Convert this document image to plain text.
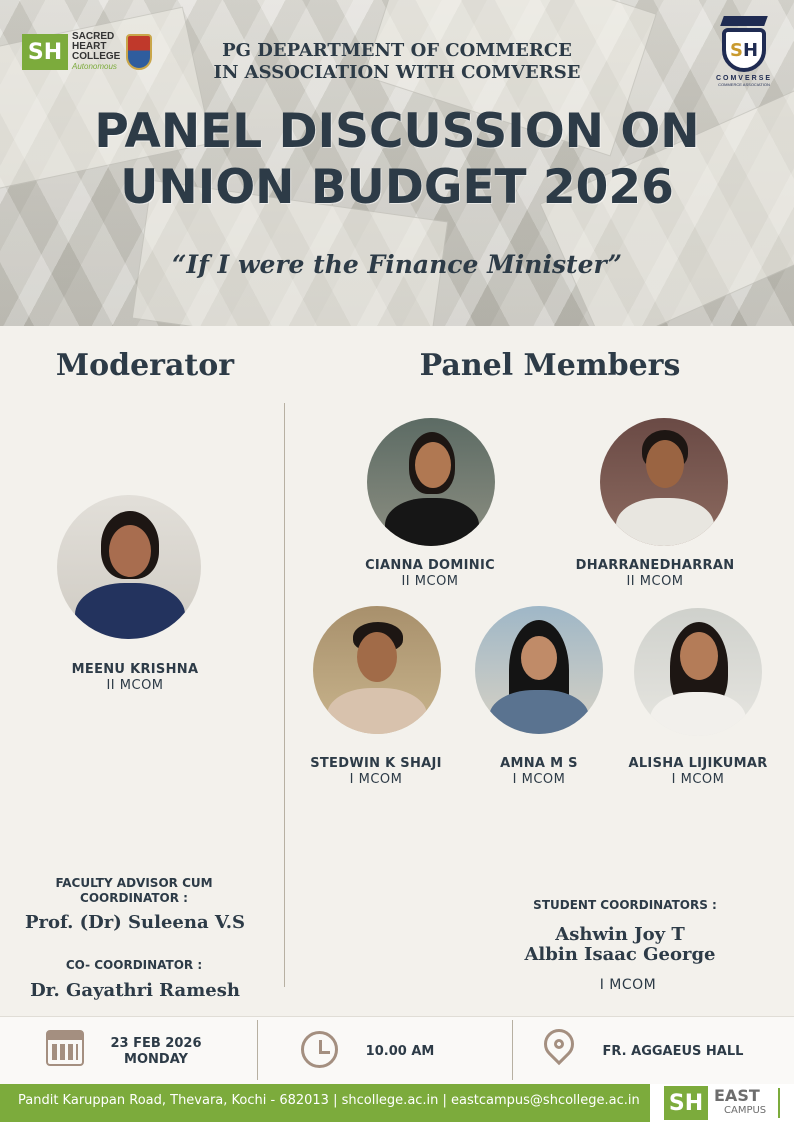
SH
SACRED
HEART
COLLEGE
Autonomous
S H
COMVERSE
COMMERCE ASSOCIATION
PG DEPARTMENT OF COMMERCE
IN ASSOCIATION WITH COMVERSE
PANEL DISCUSSION ON
UNION BUDGET 2026
“If I were the Finance Minister”
Moderator	Panel Members
MEENU KRISHNA
II MCOM
CIANNA DOMINIC
II MCOM
DHARRANEDHARRAN
II MCOM
STEDWIN K SHAJI
I MCOM
AMNA M S
I MCOM
ALISHA LIJIKUMAR
I MCOM
FACULTY ADVISOR CUM
COORDINATOR :
Prof. (Dr) Suleena V.S
CO- COORDINATOR :
Dr. Gayathri Ramesh
STUDENT COORDINATORS :
Ashwin Joy T
Albin Isaac George
I MCOM
23 FEB 2026
MONDAY
10.00 AM	FR. AGGAEUS HALL
Pandit Karuppan Road, Thevara, Kochi - 682013 | shcollege.ac.in | eastcampus@shcollege.ac.in SH EAST
CAMPUS
